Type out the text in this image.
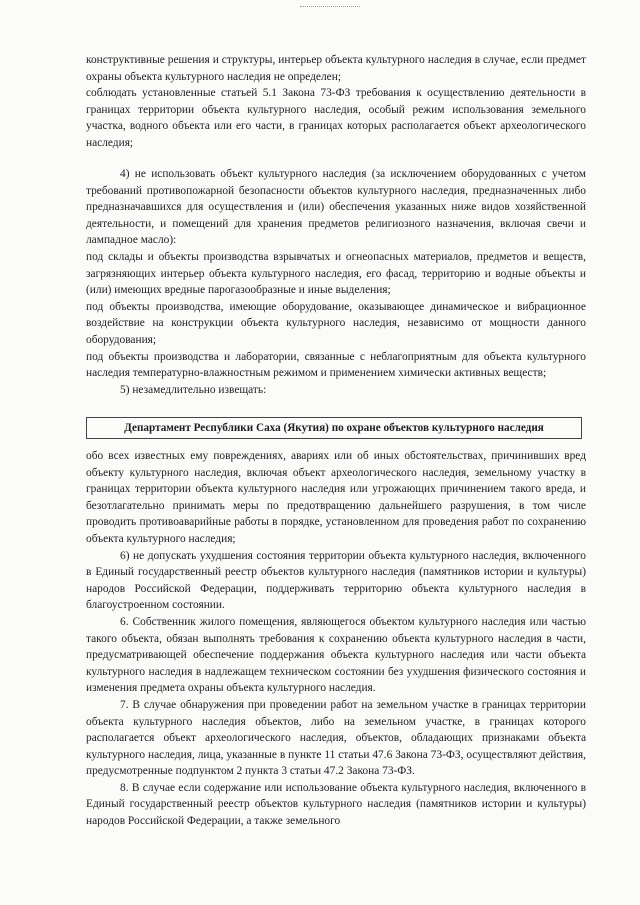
конструктивные решения и структуры, интерьер объекта культурного наследия в случае, если предмет охраны объекта культурного наследия не определен;

соблюдать установленные статьей 5.1 Закона 73-ФЗ требования к осуществлению деятельности в границах территории объекта культурного наследия, особый режим использования земельного участка, водного объекта или его части, в границах которых располагается объект археологического наследия;

4) не использовать объект культурного наследия (за исключением оборудованных с учетом требований противопожарной безопасности объектов культурного наследия, предназначенных либо предназначавшихся для осуществления и (или) обеспечения указанных ниже видов хозяйственной деятельности, и помещений для хранения предметов религиозного назначения, включая свечи и лампадное масло):

под склады и объекты производства взрывчатых и огнеопасных материалов, предметов и веществ, загрязняющих интерьер объекта культурного наследия, его фасад, территорию и водные объекты и (или) имеющих вредные парогазообразные и иные выделения;

под объекты производства, имеющие оборудование, оказывающее динамическое и вибрационное воздействие на конструкции объекта культурного наследия, независимо от мощности данного оборудования;

под объекты производства и лаборатории, связанные с неблагоприятным для объекта культурного наследия температурно-влажностным режимом и применением химически активных веществ;

5) незамедлительно извещать:

Департамент Республики Саха (Якутия) по охране объектов культурного наследия

обо всех известных ему повреждениях, авариях или об иных обстоятельствах, причинивших вред объекту культурного наследия, включая объект археологического наследия, земельному участку в границах территории объекта культурного наследия или угрожающих причинением такого вреда, и безотлагательно принимать меры по предотвращению дальнейшего разрушения, в том числе проводить противоаварийные работы в порядке, установленном для проведения работ по сохранению объекта культурного наследия;

6) не допускать ухудшения состояния территории объекта культурного наследия, включенного в Единый государственный реестр объектов культурного наследия (памятников истории и культуры) народов Российской Федерации, поддерживать территорию объекта культурного наследия в благоустроенном состоянии.

6. Собственник жилого помещения, являющегося объектом культурного наследия или частью такого объекта, обязан выполнять требования к сохранению объекта культурного наследия в части, предусматривающей обеспечение поддержания объекта культурного наследия или части объекта культурного наследия в надлежащем техническом состоянии без ухудшения физического состояния и изменения предмета охраны объекта культурного наследия.

7. В случае обнаружения при проведении работ на земельном участке в границах территории объекта культурного наследия объектов, либо на земельном участке, в границах которого располагается объект археологического наследия, объектов, обладающих признаками объекта культурного наследия, лица, указанные в пункте 11 статьи 47.6 Закона 73-ФЗ, осуществляют действия, предусмотренные подпунктом 2 пункта 3 статьи 47.2 Закона 73-ФЗ.

8. В случае если содержание или использование объекта культурного наследия, включенного в Единый государственный реестр объектов культурного наследия (памятников истории и культуры) народов Российской Федерации, а также земельного
